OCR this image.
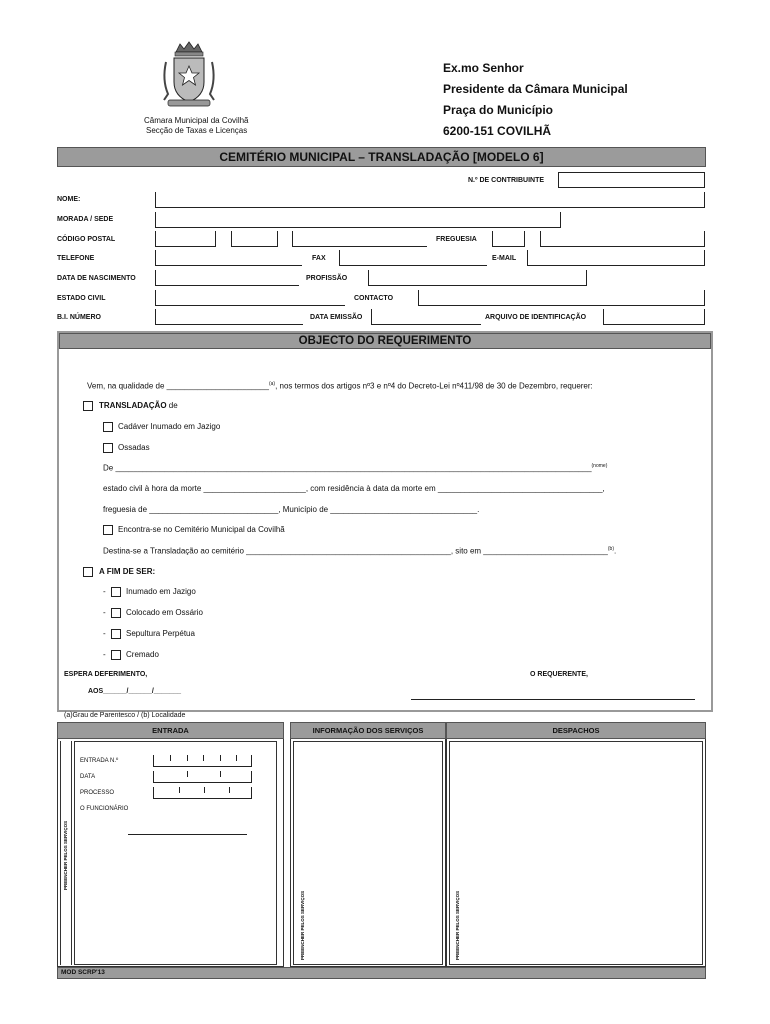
Câmara Municipal da Covilhã
Secção de Taxas e Licenças
Ex.mo Senhor
Presidente da Câmara Municipal
Praça do Município
6200-151 COVILHÃ
CEMITÉRIO MUNICIPAL – TRANSLADAÇÃO [MODELO 6]
N.º DE CONTRIBUINTE
NOME:
MORADA / SEDE
CÓDIGO POSTAL	FREGUESIA
TELEFONE	FAX	E-MAIL
DATA DE NASCIMENTO	PROFISSÃO
ESTADO CIVIL	CONTACTO
B.I. NÚMERO	DATA EMISSÃO	ARQUIVO DE IDENTIFICAÇÃO
OBJECTO DO REQUERIMENTO
Vem, na qualidade de _______________________$^{(a)}$, nos termos dos artigos nº3 e nº4 do Decreto-Lei nº411/98 de 30 de Dezembro, requerer:
TRANSLADAÇÃO de
Cadáver Inumado em Jazigo
Ossadas
De ___________________________________________________________________________________________________________$^{(nome)}$
estado civil à hora da morte _______________________, com residência à data da morte em _____________________________________,
freguesia de _____________________________, Município de _________________________________.
Encontra-se no Cemitério Municipal da Covilhã
Destina-se a Transladação ao cemitério ______________________________________________, sito em ____________________________$^{(b)}$.
A FIM DE SER:
-	Inumado em Jazigo
-	Colocado em Ossário
-	Sepultura Perpétua
-	Cremado
ESPERA DEFERIMENTO,
AOS______/______/_______
O REQUERENTE,
(a)Grau de Parentesco / (b) Localidade
ENTRADA
PREENCHER PELOS SERVIÇOS
ENTRADA N.º
DATA
PROCESSO
O FUNCIONÁRIO
INFORMAÇÃO DOS SERVIÇOS
PREENCHER PELOS SERVIÇOS
DESPACHOS
PREENCHER PELOS SERVIÇOS
MOD SCRP'13
